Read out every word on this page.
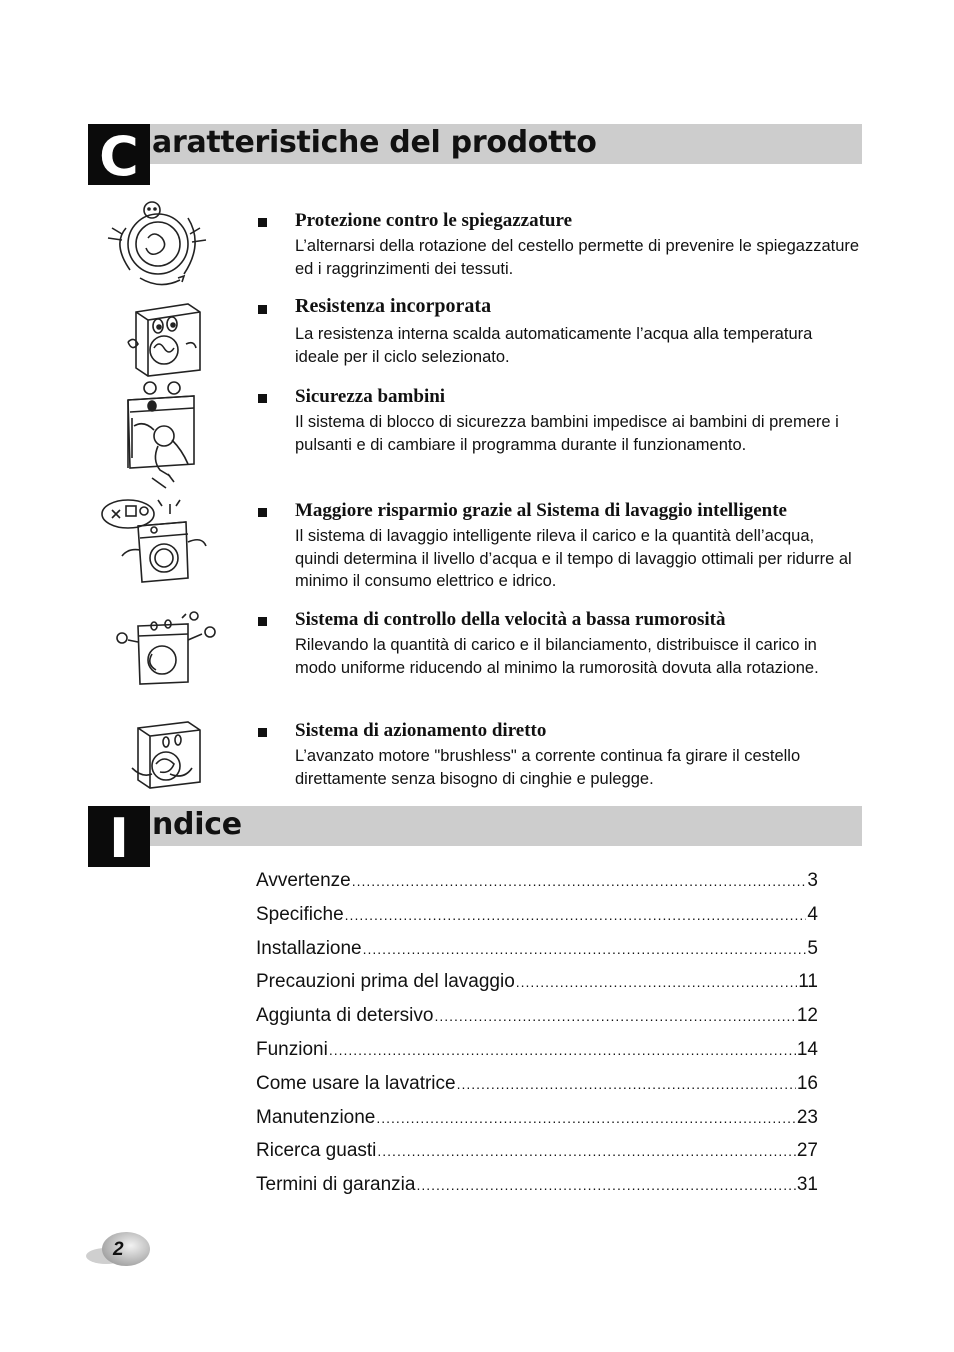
C aratteristiche del prodotto
Protezione contro le spiegazzature
L’alternarsi della rotazione del cestello permette di prevenire le spiegazzature ed i raggrinzimenti dei tessuti.
Resistenza incorporata
La resistenza interna scalda automaticamente l’acqua alla temperatura ideale per il ciclo selezionato.
Sicurezza bambini
Il sistema di blocco di sicurezza bambini impedisce ai bambini di premere i pulsanti e di cambiare il programma durante il funzionamento.
Maggiore risparmio grazie al Sistema di lavaggio intelligente
Il sistema di lavaggio intelligente rileva il carico e la quantità dell’acqua, quindi determina il livello d’acqua e il tempo di lavaggio ottimali per ridurre al minimo il consumo elettrico e idrico.
Sistema di controllo della velocità a bassa rumorosità
Rilevando la quantità di carico e il bilanciamento, distribuisce il carico in modo uniforme riducendo al minimo la rumorosità dovuta alla rotazione.
Sistema di azionamento diretto
L’avanzato motore "brushless" a corrente continua fa girare il cestello direttamente senza bisogno di cinghie e pulegge.
I ndice
Avvertenze .....	3
Specifiche .....	4
Installazione .....	5
Precauzioni prima del lavaggio .....	11
Aggiunta di detersivo .....	12
Funzioni .....	14
Come usare la lavatrice .....	16
Manutenzione .....	23
Ricerca guasti .....	27
Termini di garanzia .....	31
2
